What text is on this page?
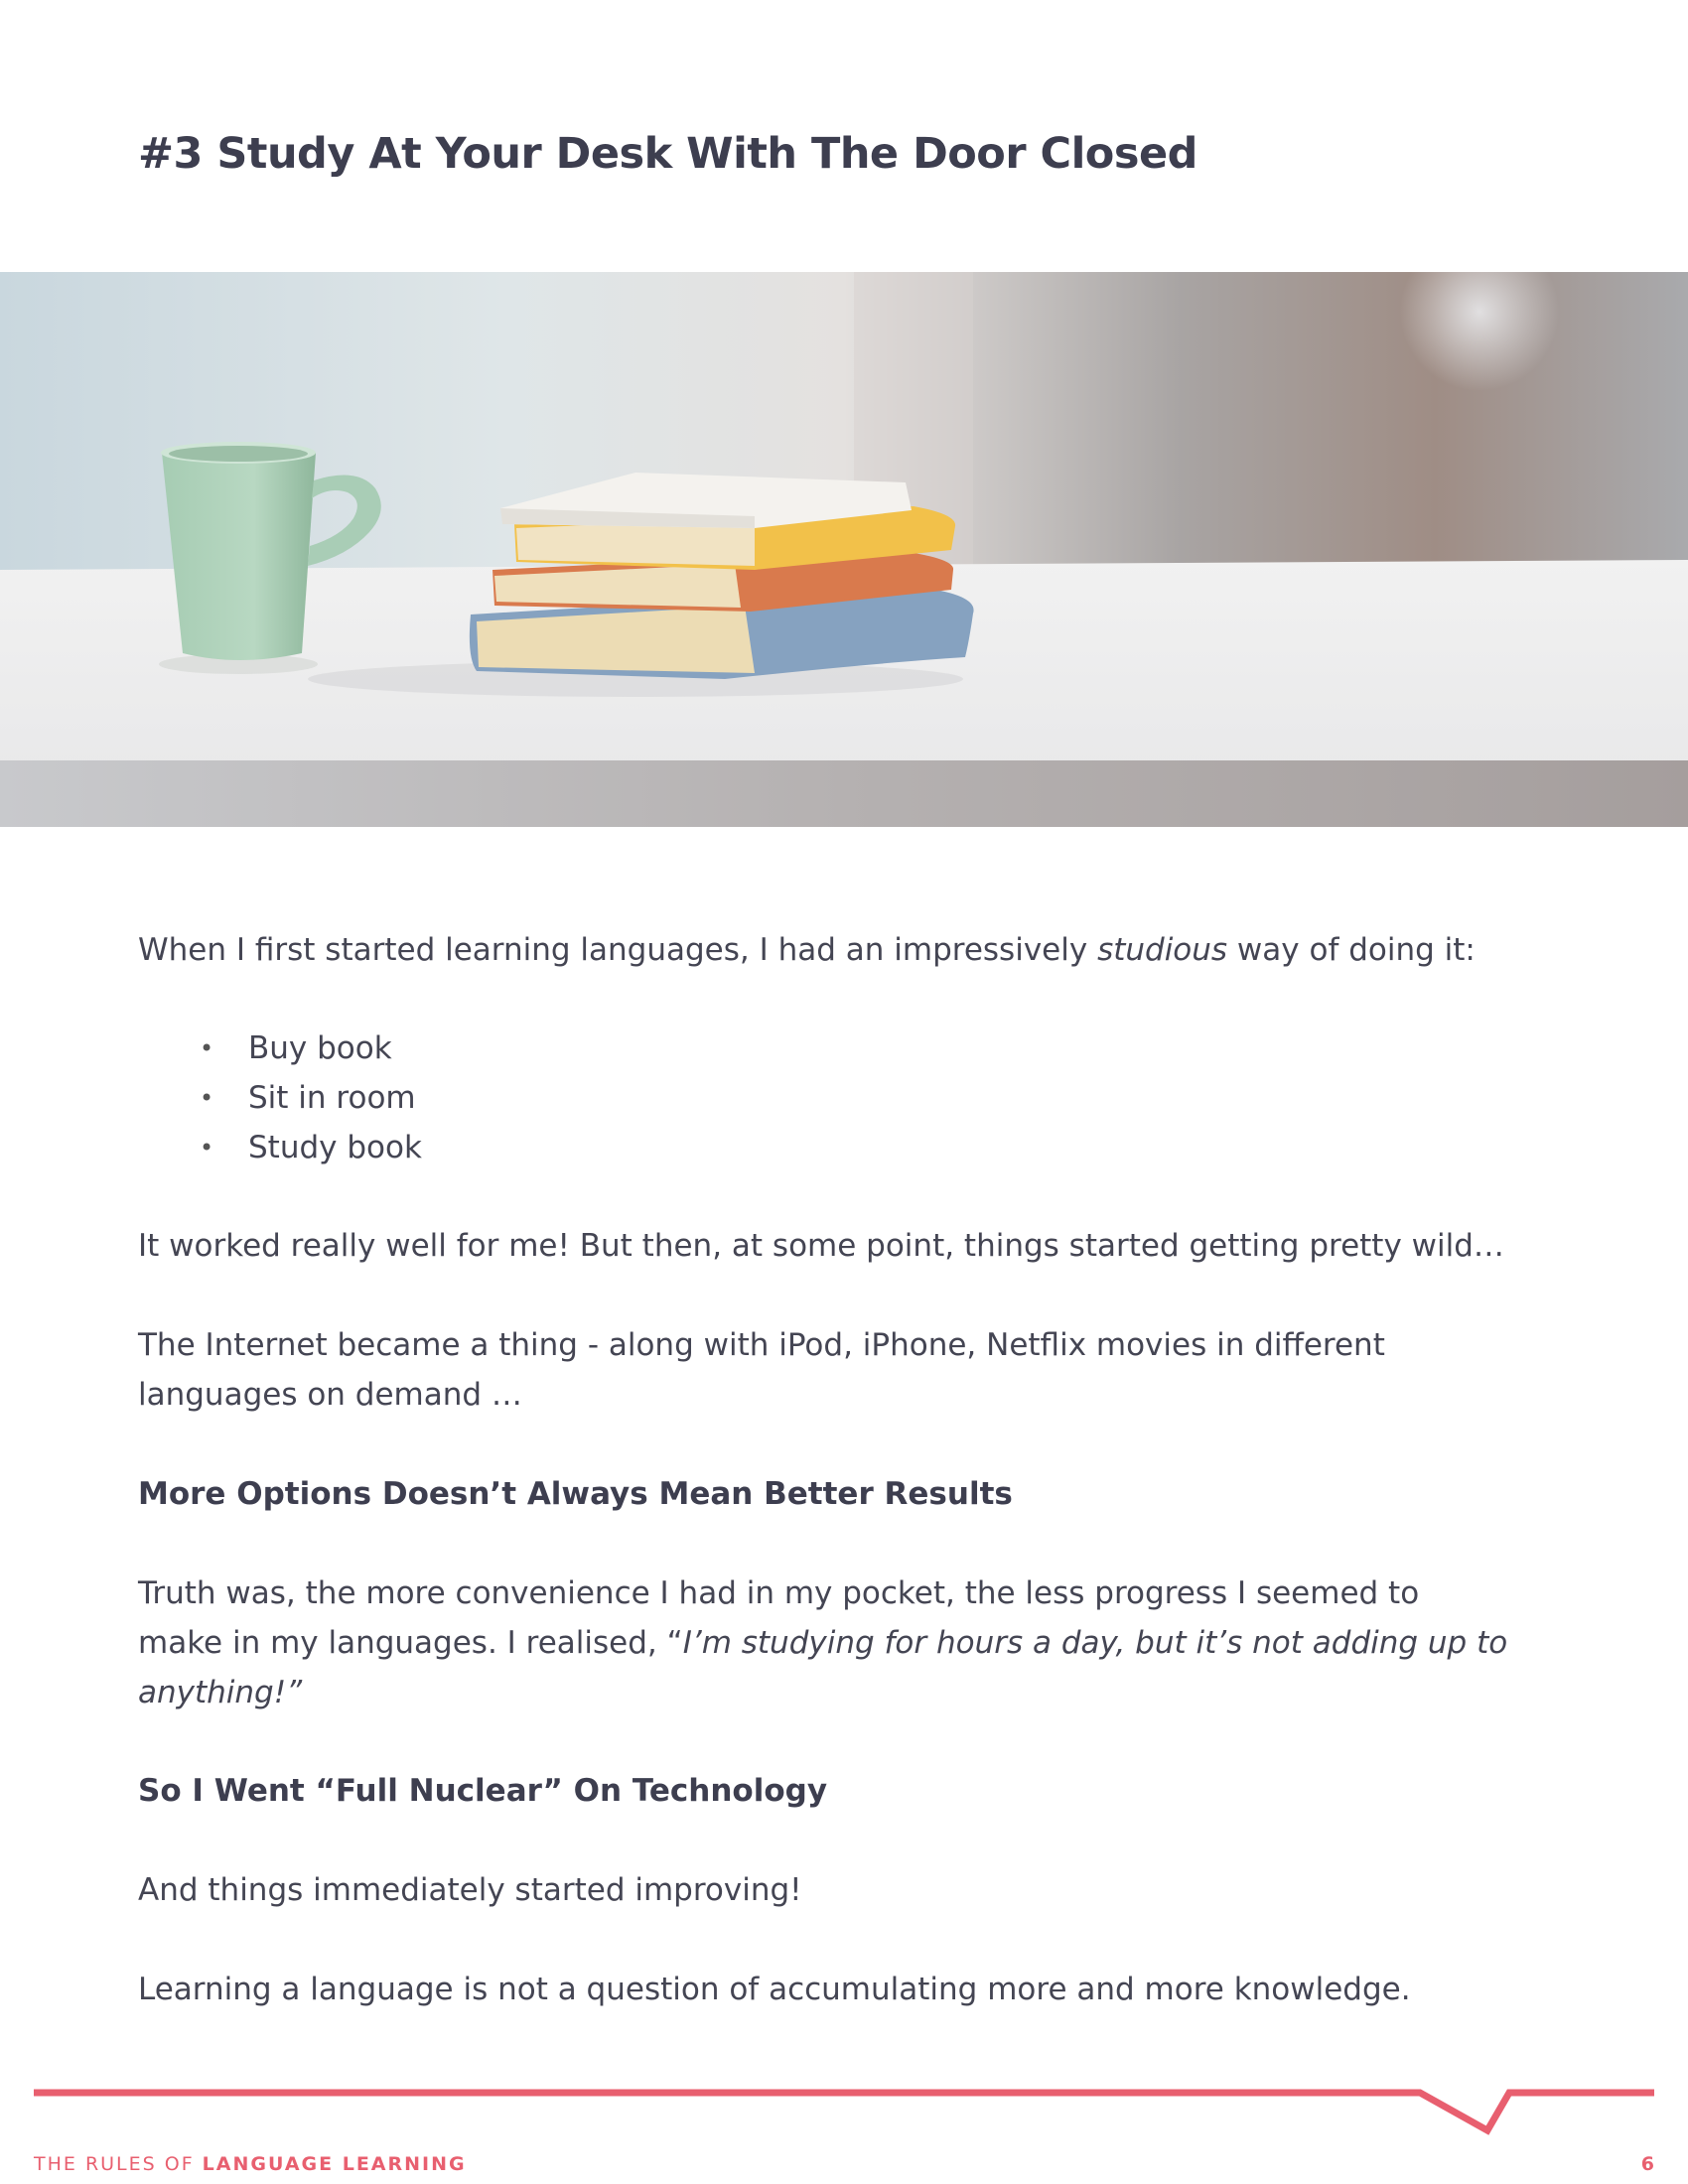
#3 Study At Your Desk With The Door Closed

When I first started learning languages, I had an impressively studious way of doing it:

• Buy book
• Sit in room
• Study book

It worked really well for me! But then, at some point, things started getting pretty wild…

The Internet became a thing - along with iPod, iPhone, Netflix movies in different
languages on demand …

More Options Doesn’t Always Mean Better Results

Truth was, the more convenience I had in my pocket, the less progress I seemed to
make in my languages. I realised, “I’m studying for hours a day, but it’s not adding up to
anything!”

So I Went “Full Nuclear” On Technology

And things immediately started improving!

Learning a language is not a question of accumulating more and more knowledge.

THE RULES OF LANGUAGE LEARNING	6
